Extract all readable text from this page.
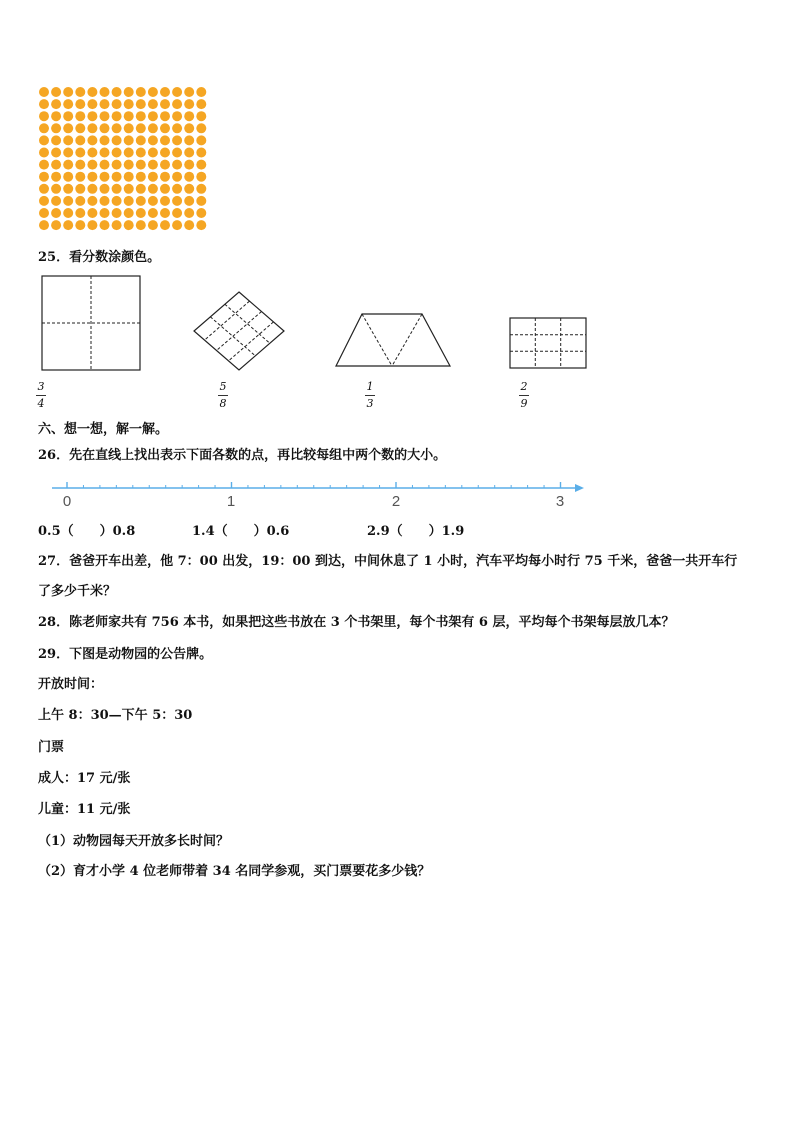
25．看分数涂颜色。
3
4
5
8
1
3
2
9
六、想一想，解一解。
26．先在直线上找出表示下面各数的点，再比较每组中两个数的大小。
0	1	2	3
0.5（　　）0.8	1.4（　　）0.6	2.9（　　）1.9
27．爸爸开车出差，他 7：00 出发，19：00 到达，中间休息了 1 小时，汽车平均每小时行 75 千米，爸爸一共开车行
了多少千米？
28．陈老师家共有 756 本书，如果把这些书放在 3 个书架里，每个书架有 6 层，平均每个书架每层放几本？
29．下图是动物园的公告牌。
开放时间：
上午 8：30—下午 5：30
门票
成人：17 元/张
儿童：11 元/张
（1）动物园每天开放多长时间？
（2）育才小学 4 位老师带着 34 名同学参观，买门票要花多少钱？
